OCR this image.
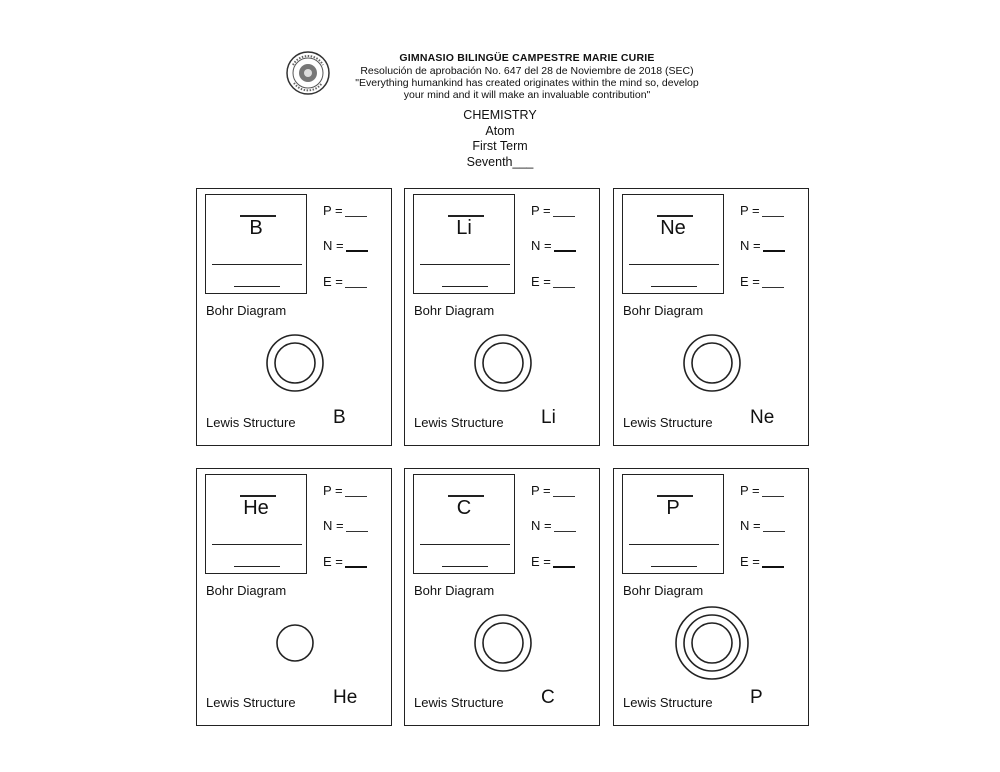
GIMNASIO BILINGÜE CAMPESTRE MARIE CURIE
Resolución de aprobación No. 647 del 28 de Noviembre de 2018 (SEC)
"Everything humankind has created originates within the mind so, develop
your mind and it will make an invaluable contribution"
CHEMISTRY
Atom
First Term
Seventh___
B
P =
N =
E =
Bohr Diagram
Lewis Structure B
Li
P =
N =
E =
Bohr Diagram
Lewis Structure Li
Ne
P =
N =
E =
Bohr Diagram
Lewis Structure Ne
He
P =
N =
E =
Bohr Diagram
Lewis Structure He
C
P =
N =
E =
Bohr Diagram
Lewis Structure C
P
P =
N =
E =
Bohr Diagram
Lewis Structure P
